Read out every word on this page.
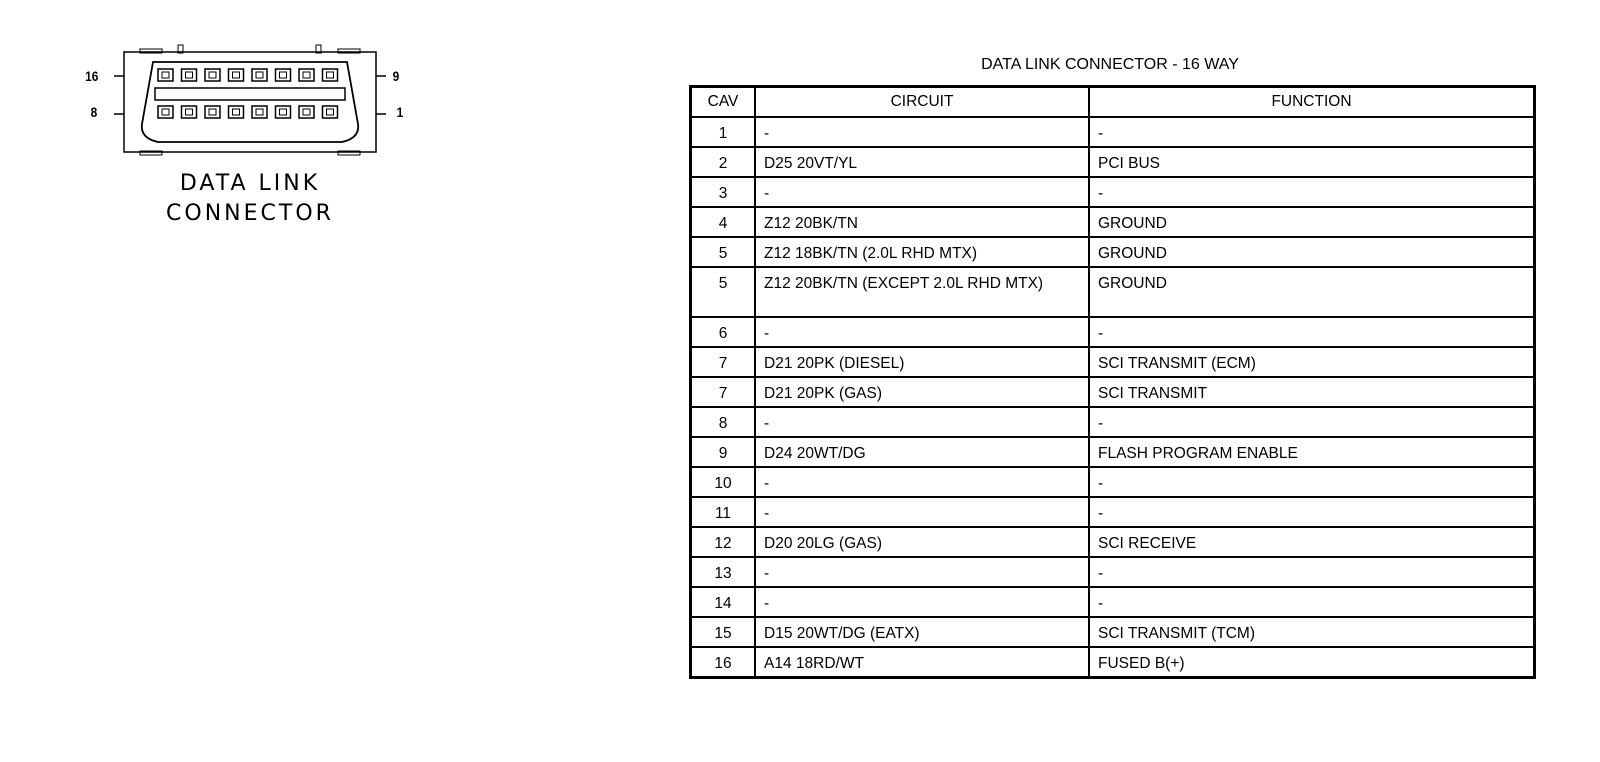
16
8
9
1
DATA LINK
CONNECTOR
DATA LINK CONNECTOR - 16 WAY
CAV	CIRCUIT	FUNCTION
1	-	-
2	D25 20VT/YL	PCI BUS
3	-	-
4	Z12 20BK/TN	GROUND
5	Z12 18BK/TN (2.0L RHD MTX)	GROUND
5	Z12 20BK/TN (EXCEPT 2.0L RHD MTX)	GROUND
6	-	-
7	D21 20PK (DIESEL)	SCI TRANSMIT (ECM)
7	D21 20PK (GAS)	SCI TRANSMIT
8	-	-
9	D24 20WT/DG	FLASH PROGRAM ENABLE
10	-	-
11	-	-
12	D20 20LG (GAS)	SCI RECEIVE
13	-	-
14	-	-
15	D15 20WT/DG (EATX)	SCI TRANSMIT (TCM)
16	A14 18RD/WT	FUSED B(+)
